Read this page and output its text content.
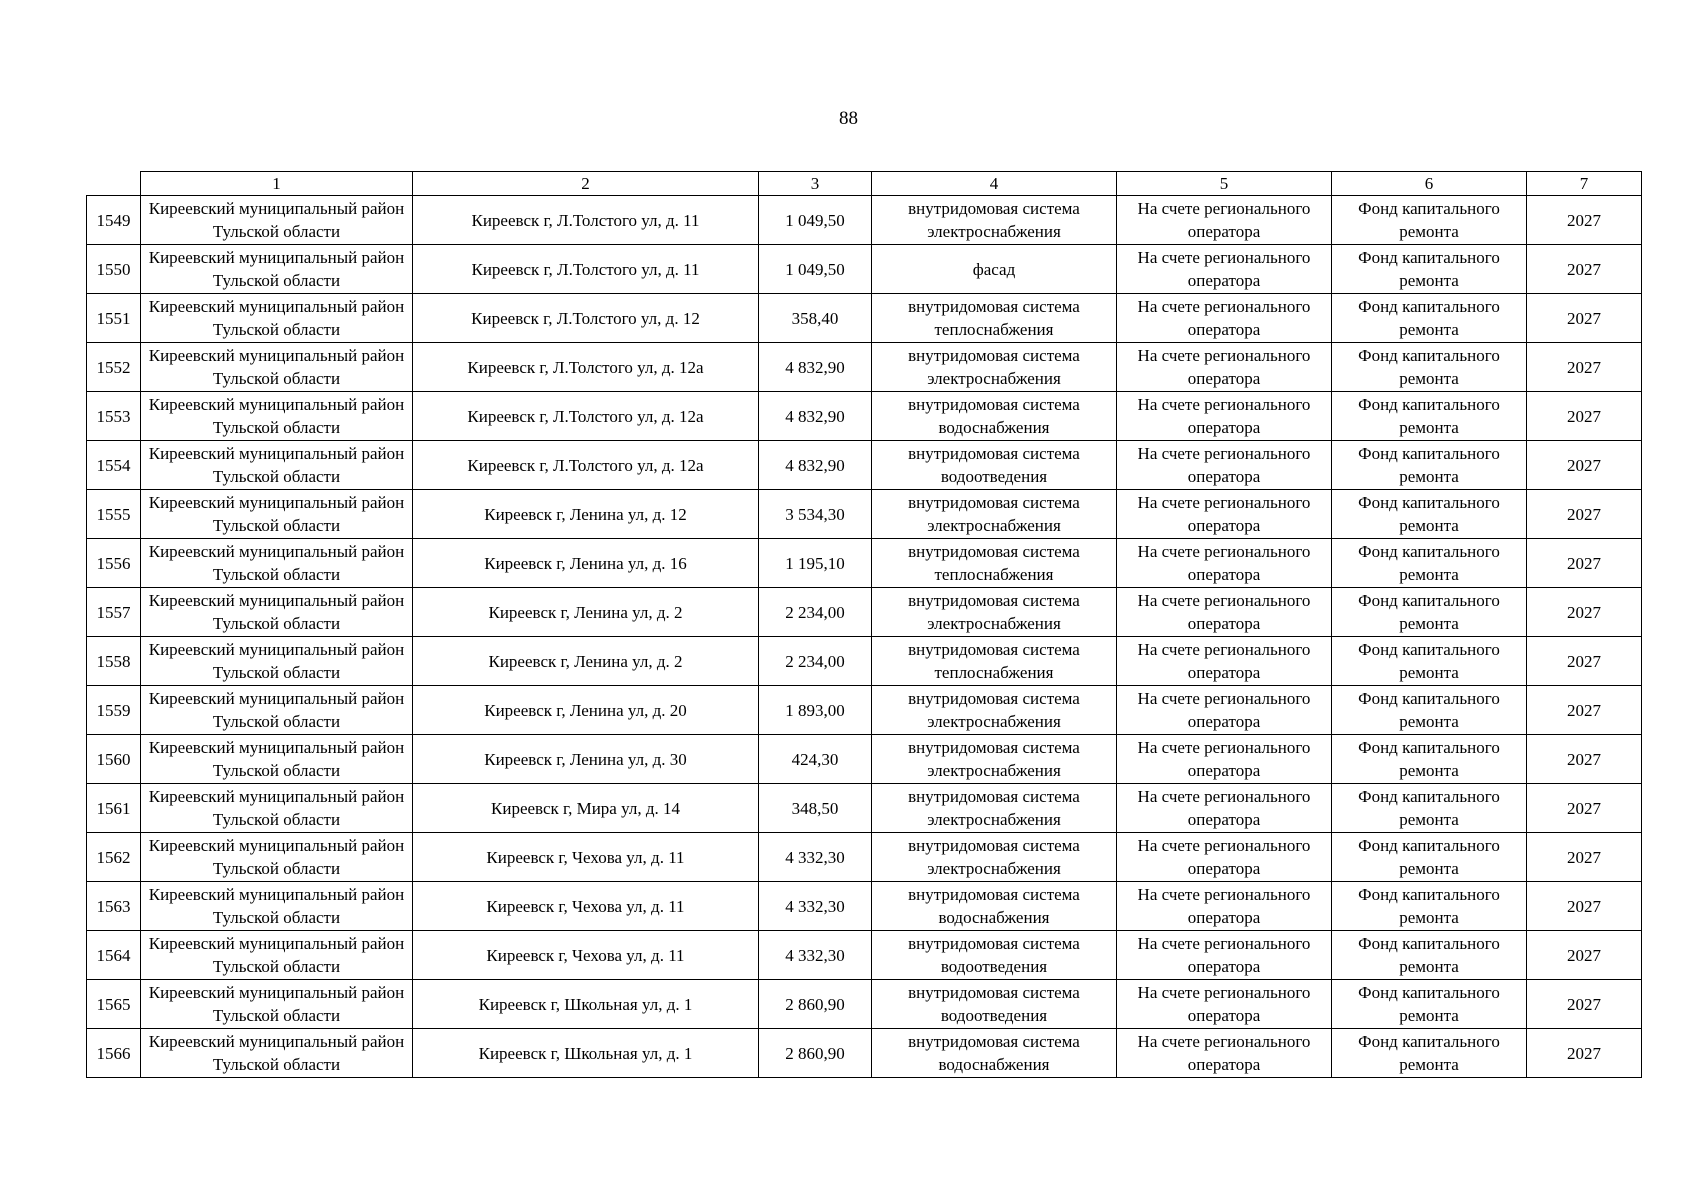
88
	1	2	3	4	5	6	7
1549	Киреевский муниципальный район Тульской области	Киреевск г, Л.Толстого ул, д. 11	1 049,50	внутридомовая система электроснабжения	На счете регионального оператора	Фонд капитального ремонта	2027
1550	Киреевский муниципальный район Тульской области	Киреевск г, Л.Толстого ул, д. 11	1 049,50	фасад	На счете регионального оператора	Фонд капитального ремонта	2027
1551	Киреевский муниципальный район Тульской области	Киреевск г, Л.Толстого ул, д. 12	358,40	внутридомовая система теплоснабжения	На счете регионального оператора	Фонд капитального ремонта	2027
1552	Киреевский муниципальный район Тульской области	Киреевск г, Л.Толстого ул, д. 12а	4 832,90	внутридомовая система электроснабжения	На счете регионального оператора	Фонд капитального ремонта	2027
1553	Киреевский муниципальный район Тульской области	Киреевск г, Л.Толстого ул, д. 12а	4 832,90	внутридомовая система водоснабжения	На счете регионального оператора	Фонд капитального ремонта	2027
1554	Киреевский муниципальный район Тульской области	Киреевск г, Л.Толстого ул, д. 12а	4 832,90	внутридомовая система водоотведения	На счете регионального оператора	Фонд капитального ремонта	2027
1555	Киреевский муниципальный район Тульской области	Киреевск г, Ленина ул, д. 12	3 534,30	внутридомовая система электроснабжения	На счете регионального оператора	Фонд капитального ремонта	2027
1556	Киреевский муниципальный район Тульской области	Киреевск г, Ленина ул, д. 16	1 195,10	внутридомовая система теплоснабжения	На счете регионального оператора	Фонд капитального ремонта	2027
1557	Киреевский муниципальный район Тульской области	Киреевск г, Ленина ул, д. 2	2 234,00	внутридомовая система электроснабжения	На счете регионального оператора	Фонд капитального ремонта	2027
1558	Киреевский муниципальный район Тульской области	Киреевск г, Ленина ул, д. 2	2 234,00	внутридомовая система теплоснабжения	На счете регионального оператора	Фонд капитального ремонта	2027
1559	Киреевский муниципальный район Тульской области	Киреевск г, Ленина ул, д. 20	1 893,00	внутридомовая система электроснабжения	На счете регионального оператора	Фонд капитального ремонта	2027
1560	Киреевский муниципальный район Тульской области	Киреевск г, Ленина ул, д. 30	424,30	внутридомовая система электроснабжения	На счете регионального оператора	Фонд капитального ремонта	2027
1561	Киреевский муниципальный район Тульской области	Киреевск г, Мира ул, д. 14	348,50	внутридомовая система электроснабжения	На счете регионального оператора	Фонд капитального ремонта	2027
1562	Киреевский муниципальный район Тульской области	Киреевск г, Чехова ул, д. 11	4 332,30	внутридомовая система электроснабжения	На счете регионального оператора	Фонд капитального ремонта	2027
1563	Киреевский муниципальный район Тульской области	Киреевск г, Чехова ул, д. 11	4 332,30	внутридомовая система водоснабжения	На счете регионального оператора	Фонд капитального ремонта	2027
1564	Киреевский муниципальный район Тульской области	Киреевск г, Чехова ул, д. 11	4 332,30	внутридомовая система водоотведения	На счете регионального оператора	Фонд капитального ремонта	2027
1565	Киреевский муниципальный район Тульской области	Киреевск г, Школьная ул, д. 1	2 860,90	внутридомовая система водоотведения	На счете регионального оператора	Фонд капитального ремонта	2027
1566	Киреевский муниципальный район Тульской области	Киреевск г, Школьная ул, д. 1	2 860,90	внутридомовая система водоснабжения	На счете регионального оператора	Фонд капитального ремонта	2027
